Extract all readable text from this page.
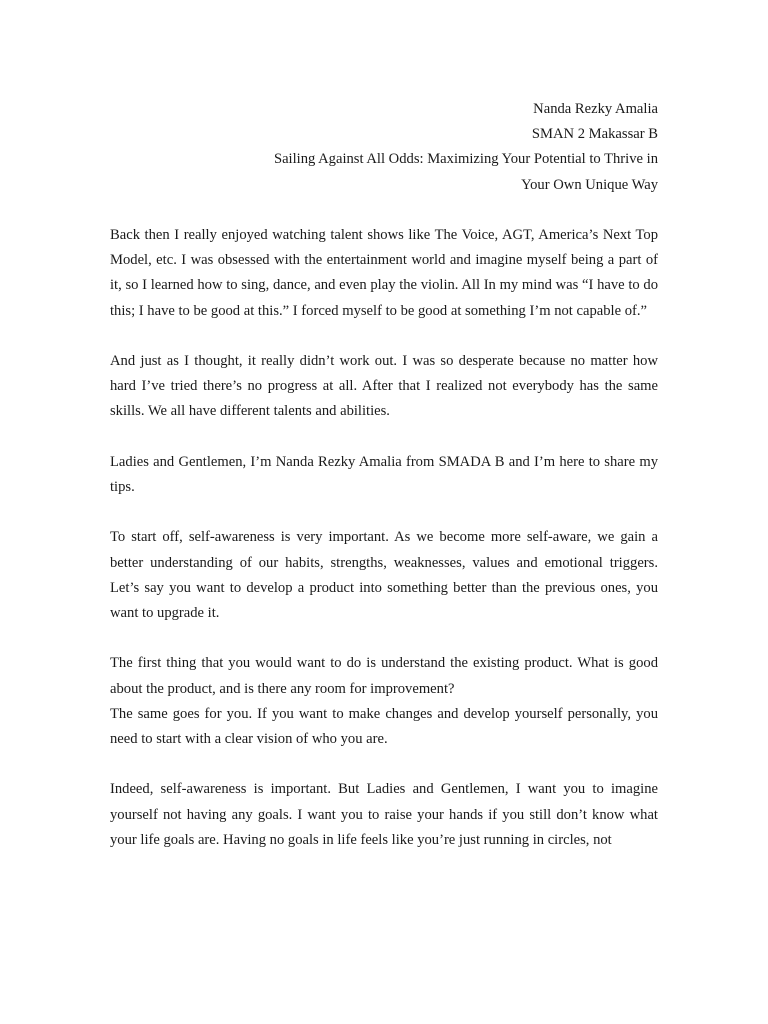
Nanda Rezky Amalia

SMAN 2 Makassar B

Sailing Against All Odds: Maximizing Your Potential to Thrive in

Your Own Unique Way

Back then I really enjoyed watching talent shows like The Voice, AGT, America’s Next Top Model, etc. I was obsessed with the entertainment world and imagine myself being a part of it, so I learned how to sing, dance, and even play the violin. All In my mind was “I have to do this; I have to be good at this.” I forced myself to be good at something I’m not capable of.”

And just as I thought, it really didn’t work out. I was so desperate because no matter how hard I’ve tried there’s no progress at all. After that I realized not everybody has the same skills. We all have different talents and abilities.

Ladies and Gentlemen, I’m Nanda Rezky Amalia from SMADA B and I’m here to share my tips.

To start off, self-awareness is very important. As we become more self-aware, we gain a better understanding of our habits, strengths, weaknesses, values and emotional triggers. Let’s say you want to develop a product into something better than the previous ones, you want to upgrade it.

The first thing that you would want to do is understand the existing product. What is good about the product, and is there any room for improvement?

The same goes for you. If you want to make changes and develop yourself personally, you need to start with a clear vision of who you are.

Indeed, self-awareness is important. But Ladies and Gentlemen, I want you to imagine yourself not having any goals. I want you to raise your hands if you still don’t know what your life goals are. Having no goals in life feels like you’re just running in circles, not
